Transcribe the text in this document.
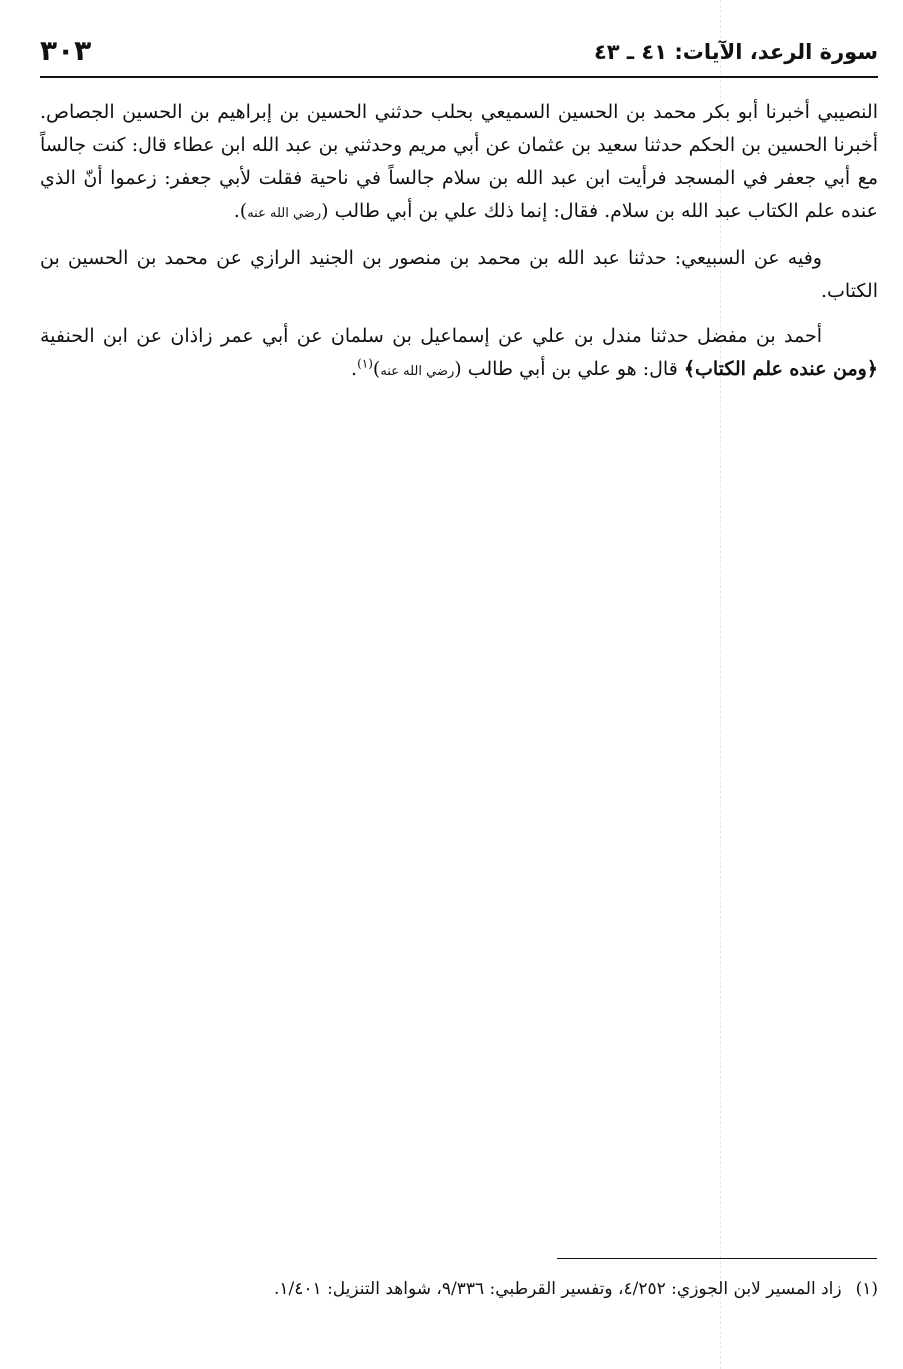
سورة الرعد، الآيات: ٤١ ـ ٤٣
٣٠٣

النصيبي أخبرنا أبو بكر محمد بن الحسين السميعي بحلب حدثني الحسين بن إبراهيم بن الحسين الجصاص. أخبرنا الحسين بن الحكم حدثنا سعيد بن عثمان عن أبي مريم وحدثني بن عبد الله ابن عطاء قال: كنت جالساً مع أبي جعفر في المسجد فرأيت ابن عبد الله بن سلام جالساً في ناحية فقلت لأبي جعفر: زعموا أنّ الذي عنده علم الكتاب عبد الله بن سلام. فقال: إنما ذلك علي بن أبي طالب (رضي الله عنه).

وفيه عن السبيعي: حدثنا عبد الله بن محمد بن منصور بن الجنيد الرازي عن محمد بن الحسين بن الكتاب.

أحمد بن مفضل حدثنا مندل بن علي عن إسماعيل بن سلمان عن أبي عمر زاذان عن ابن الحنفية ﴿ومن عنده علم الكتاب﴾ قال: هو علي بن أبي طالب (رضي الله عنه)$^{(١)}$.

(١)زاد المسير لابن الجوزي: ٤/٢٥٢، وتفسير القرطبي: ٩/٣٣٦، شواهد التنزيل: ١/٤٠١.
